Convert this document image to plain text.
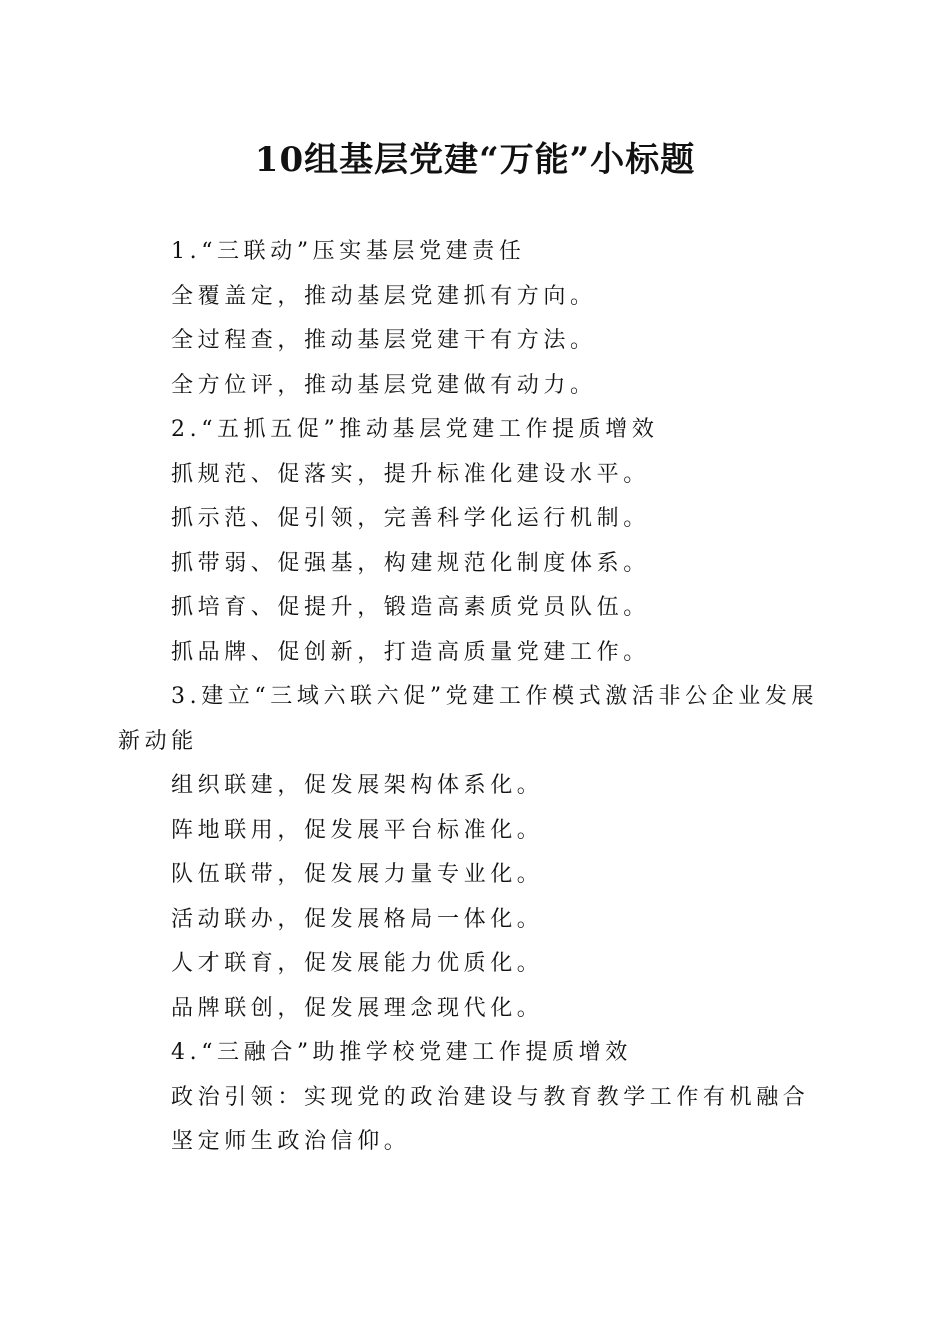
10组基层党建“万能”小标题
1.“三联动”压实基层党建责任
全覆盖定，推动基层党建抓有方向。
全过程查，推动基层党建干有方法。
全方位评，推动基层党建做有动力。
2.“五抓五促”推动基层党建工作提质增效
抓规范、促落实，提升标准化建设水平。
抓示范、促引领，完善科学化运行机制。
抓带弱、促强基，构建规范化制度体系。
抓培育、促提升，锻造高素质党员队伍。
抓品牌、促创新，打造高质量党建工作。
3.建立“三域六联六促”党建工作模式激活非公企业发展新动能
组织联建，促发展架构体系化。
阵地联用，促发展平台标准化。
队伍联带，促发展力量专业化。
活动联办，促发展格局一体化。
人才联育，促发展能力优质化。
品牌联创，促发展理念现代化。
4.“三融合”助推学校党建工作提质增效
政治引领：实现党的政治建设与教育教学工作有机融合
坚定师生政治信仰。
